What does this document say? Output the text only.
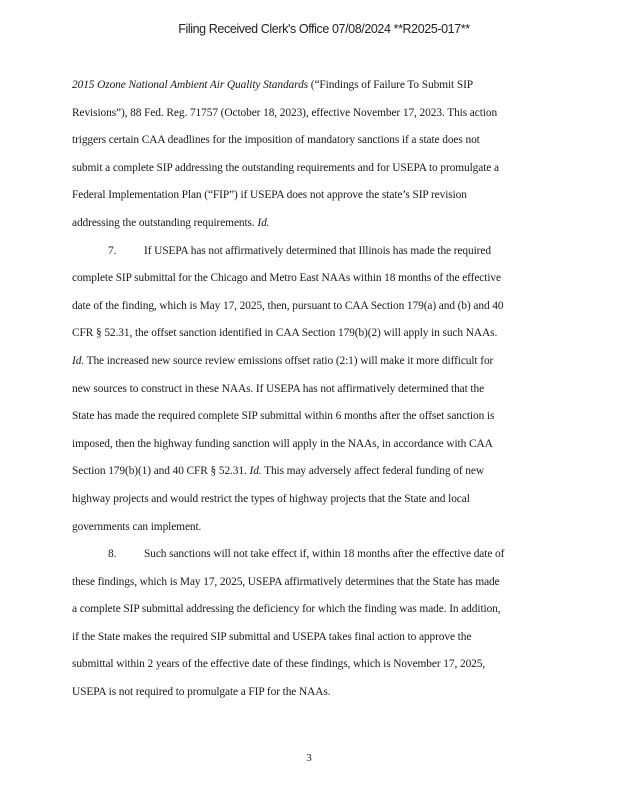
Filing Received Clerk's Office 07/08/2024 **R2025-017**
2015 Ozone National Ambient Air Quality Standards (“Findings of Failure To Submit SIP
Revisions”), 88 Fed. Reg. 71757 (October 18, 2023), effective November 17, 2023. This action
triggers certain CAA deadlines for the imposition of mandatory sanctions if a state does not
submit a complete SIP addressing the outstanding requirements and for USEPA to promulgate a
Federal Implementation Plan (“FIP”) if USEPA does not approve the state’s SIP revision
addressing the outstanding requirements. Id.
7. If USEPA has not affirmatively determined that Illinois has made the required
complete SIP submittal for the Chicago and Metro East NAAs within 18 months of the effective
date of the finding, which is May 17, 2025, then, pursuant to CAA Section 179(a) and (b) and 40
CFR § 52.31, the offset sanction identified in CAA Section 179(b)(2) will apply in such NAAs.
Id. The increased new source review emissions offset ratio (2:1) will make it more difficult for
new sources to construct in these NAAs. If USEPA has not affirmatively determined that the
State has made the required complete SIP submittal within 6 months after the offset sanction is
imposed, then the highway funding sanction will apply in the NAAs, in accordance with CAA
Section 179(b)(1) and 40 CFR § 52.31. Id. This may adversely affect federal funding of new
highway projects and would restrict the types of highway projects that the State and local
governments can implement.
8. Such sanctions will not take effect if, within 18 months after the effective date of
these findings, which is May 17, 2025, USEPA affirmatively determines that the State has made
a complete SIP submittal addressing the deficiency for which the finding was made. In addition,
if the State makes the required SIP submittal and USEPA takes final action to approve the
submittal within 2 years of the effective date of these findings, which is November 17, 2025,
USEPA is not required to promulgate a FIP for the NAAs.
3
